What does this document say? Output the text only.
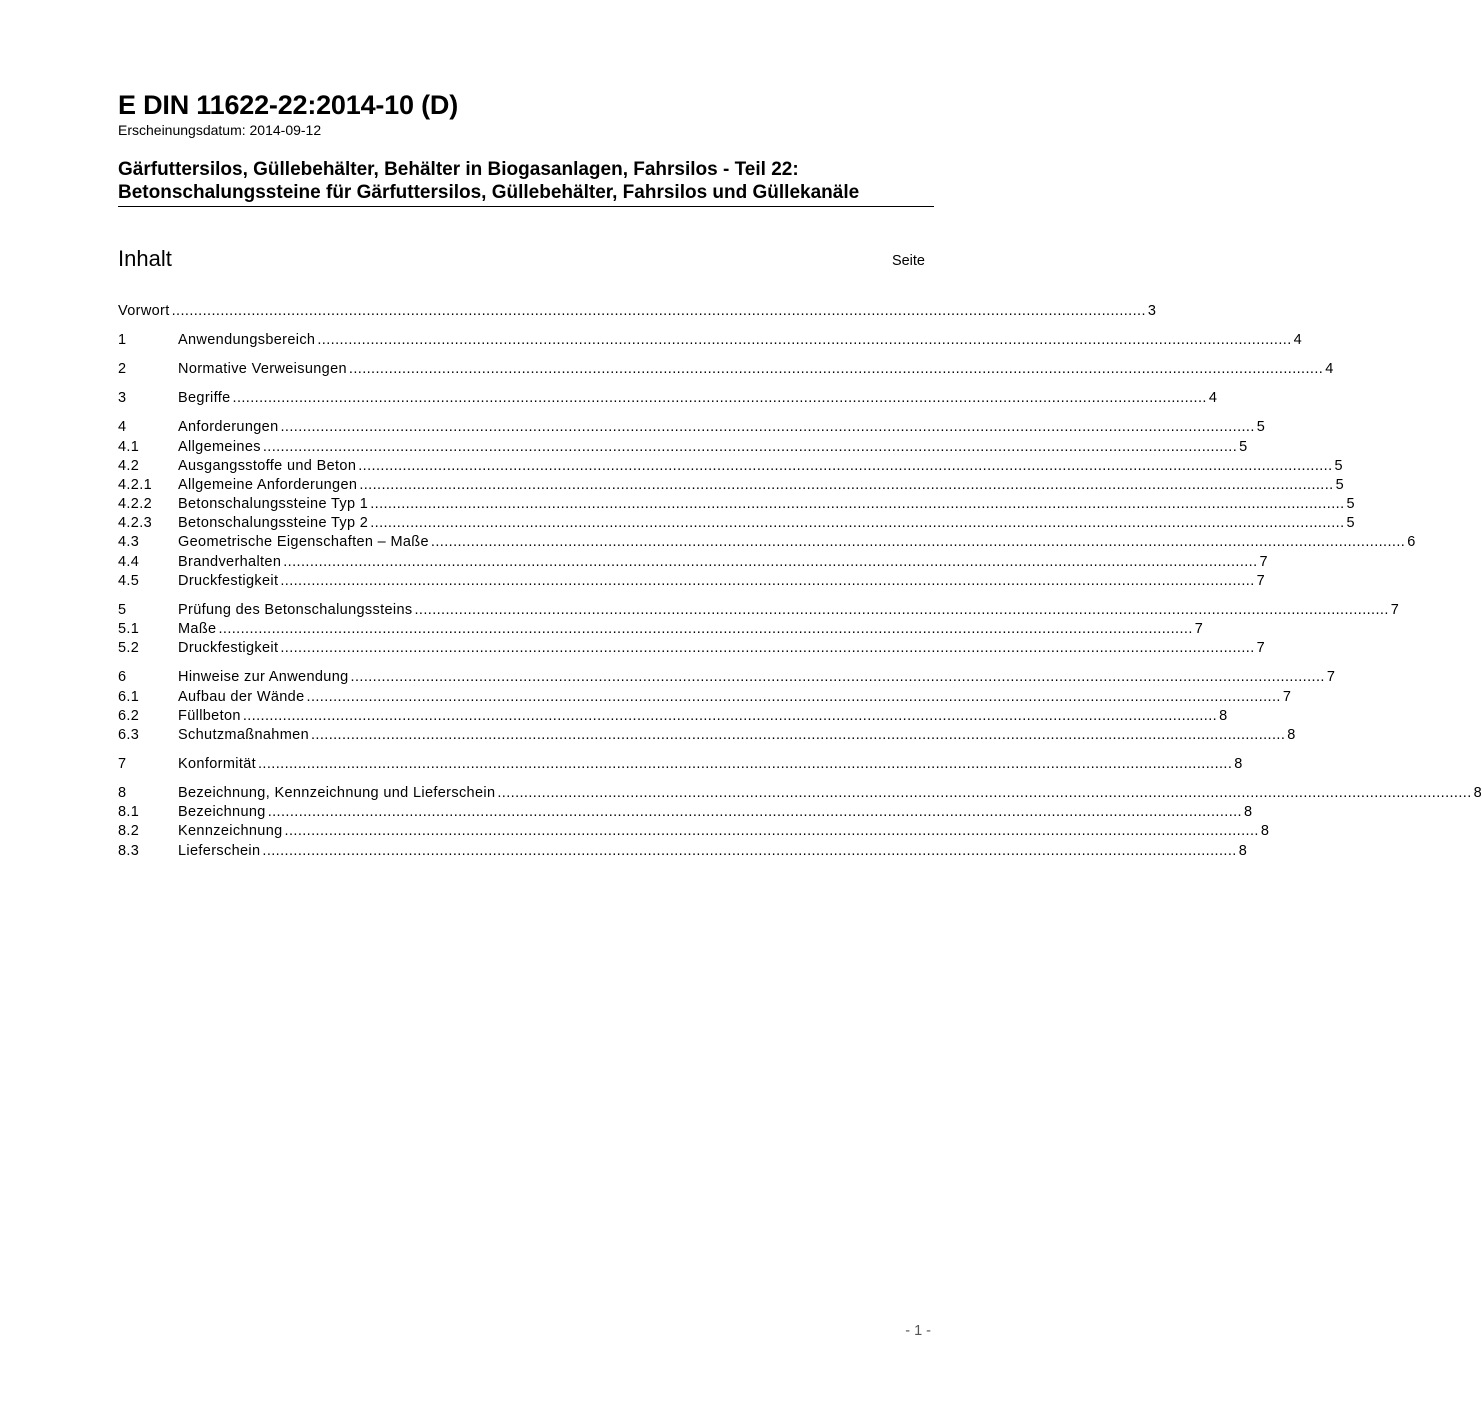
E DIN 11622-22:2014-10 (D)
Erscheinungsdatum: 2014-09-12
Gärfuttersilos, Güllebehälter, Behälter in Biogasanlagen, Fahrsilos - Teil 22:
Betonschalungssteine für Gärfuttersilos, Güllebehälter, Fahrsilos und Güllekanäle
Inhalt	Seite
Vorwort ............................................................................................................................................................................................................................ 3
1	Anwendungsbereich ............................................................................................................................................................................................................................ 4
2	Normative Verweisungen ............................................................................................................................................................................................................................ 4
3	Begriffe ............................................................................................................................................................................................................................ 4
4	Anforderungen ............................................................................................................................................................................................................................ 5
4.1	Allgemeines ............................................................................................................................................................................................................................ 5
4.2	Ausgangsstoffe und Beton ............................................................................................................................................................................................................................ 5
4.2.1	Allgemeine Anforderungen ............................................................................................................................................................................................................................ 5
4.2.2	Betonschalungssteine Typ 1 ............................................................................................................................................................................................................................ 5
4.2.3	Betonschalungssteine Typ 2 ............................................................................................................................................................................................................................ 5
4.3	Geometrische Eigenschaften – Maße ............................................................................................................................................................................................................................ 6
4.4	Brandverhalten ............................................................................................................................................................................................................................ 7
4.5	Druckfestigkeit ............................................................................................................................................................................................................................ 7
5	Prüfung des Betonschalungssteins ............................................................................................................................................................................................................................ 7
5.1	Maße ............................................................................................................................................................................................................................ 7
5.2	Druckfestigkeit ............................................................................................................................................................................................................................ 7
6	Hinweise zur Anwendung ............................................................................................................................................................................................................................ 7
6.1	Aufbau der Wände ............................................................................................................................................................................................................................ 7
6.2	Füllbeton ............................................................................................................................................................................................................................ 8
6.3	Schutzmaßnahmen ............................................................................................................................................................................................................................ 8
7	Konformität ............................................................................................................................................................................................................................ 8
8	Bezeichnung, Kennzeichnung und Lieferschein ............................................................................................................................................................................................................................ 8
8.1	Bezeichnung ............................................................................................................................................................................................................................ 8
8.2	Kennzeichnung ............................................................................................................................................................................................................................ 8
8.3	Lieferschein ............................................................................................................................................................................................................................ 8
- 1 -
